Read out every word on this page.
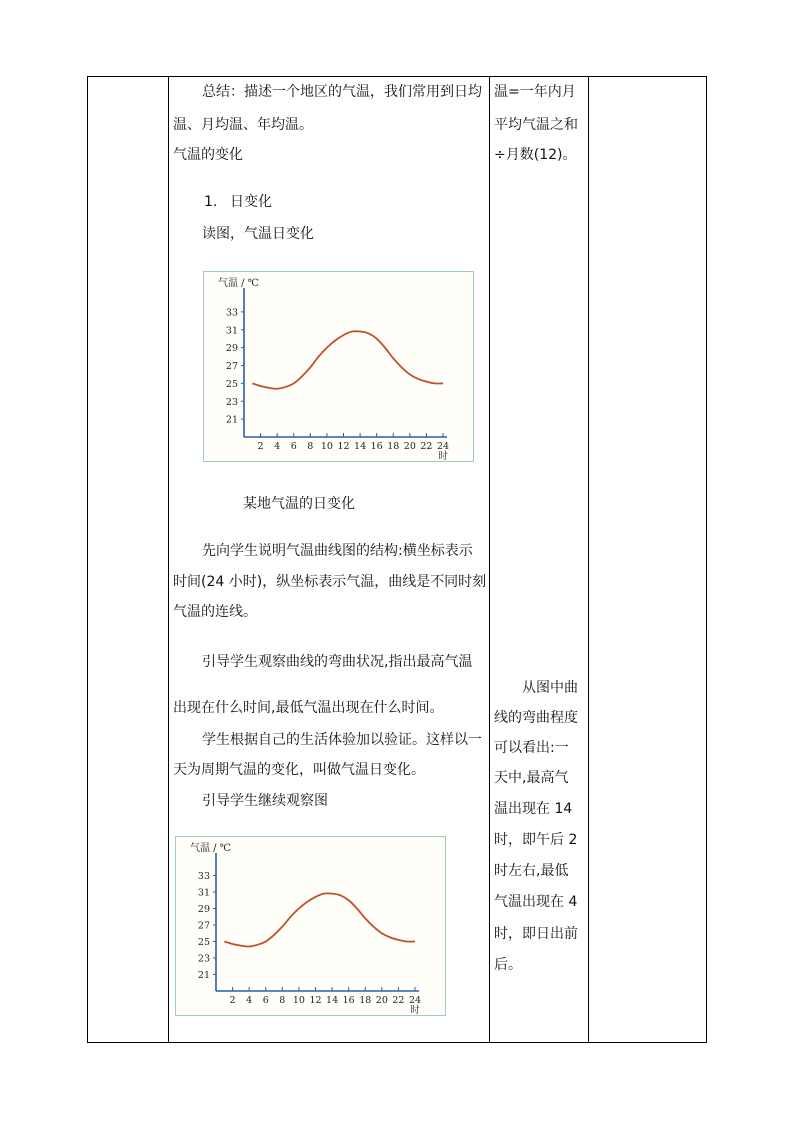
总结：描述一个地区的气温，我们常用到日均
温、月均温、年均温。
气温的变化
1. 日变化
读图，气温日变化
气温 / ℃
21
23
25
27
29
31
33
2 4 6 8 10 12 14 16 18 20 22 24
时
某地气温的日变化
先向学生说明气温曲线图的结构:横坐标表示
时间(24 小时)，纵坐标表示气温，曲线是不同时刻
气温的连线。
引导学生观察曲线的弯曲状况,指出最高气温
出现在什么时间,最低气温出现在什么时间。
学生根据自己的生活体验加以验证。这样以一
天为周期气温的变化，叫做气温日变化。
引导学生继续观察图
气温 / ℃
21
23
25
27
29
31
33
2 4 6 8 10 12 14 16 18 20 22 24
时
温=一年内月
平均气温之和
÷月数(12)。
从图中曲
线的弯曲程度
可以看出:一
天中,最高气
温出现在 14
时，即午后 2
时左右,最低
气温出现在 4
时，即日出前
后。
